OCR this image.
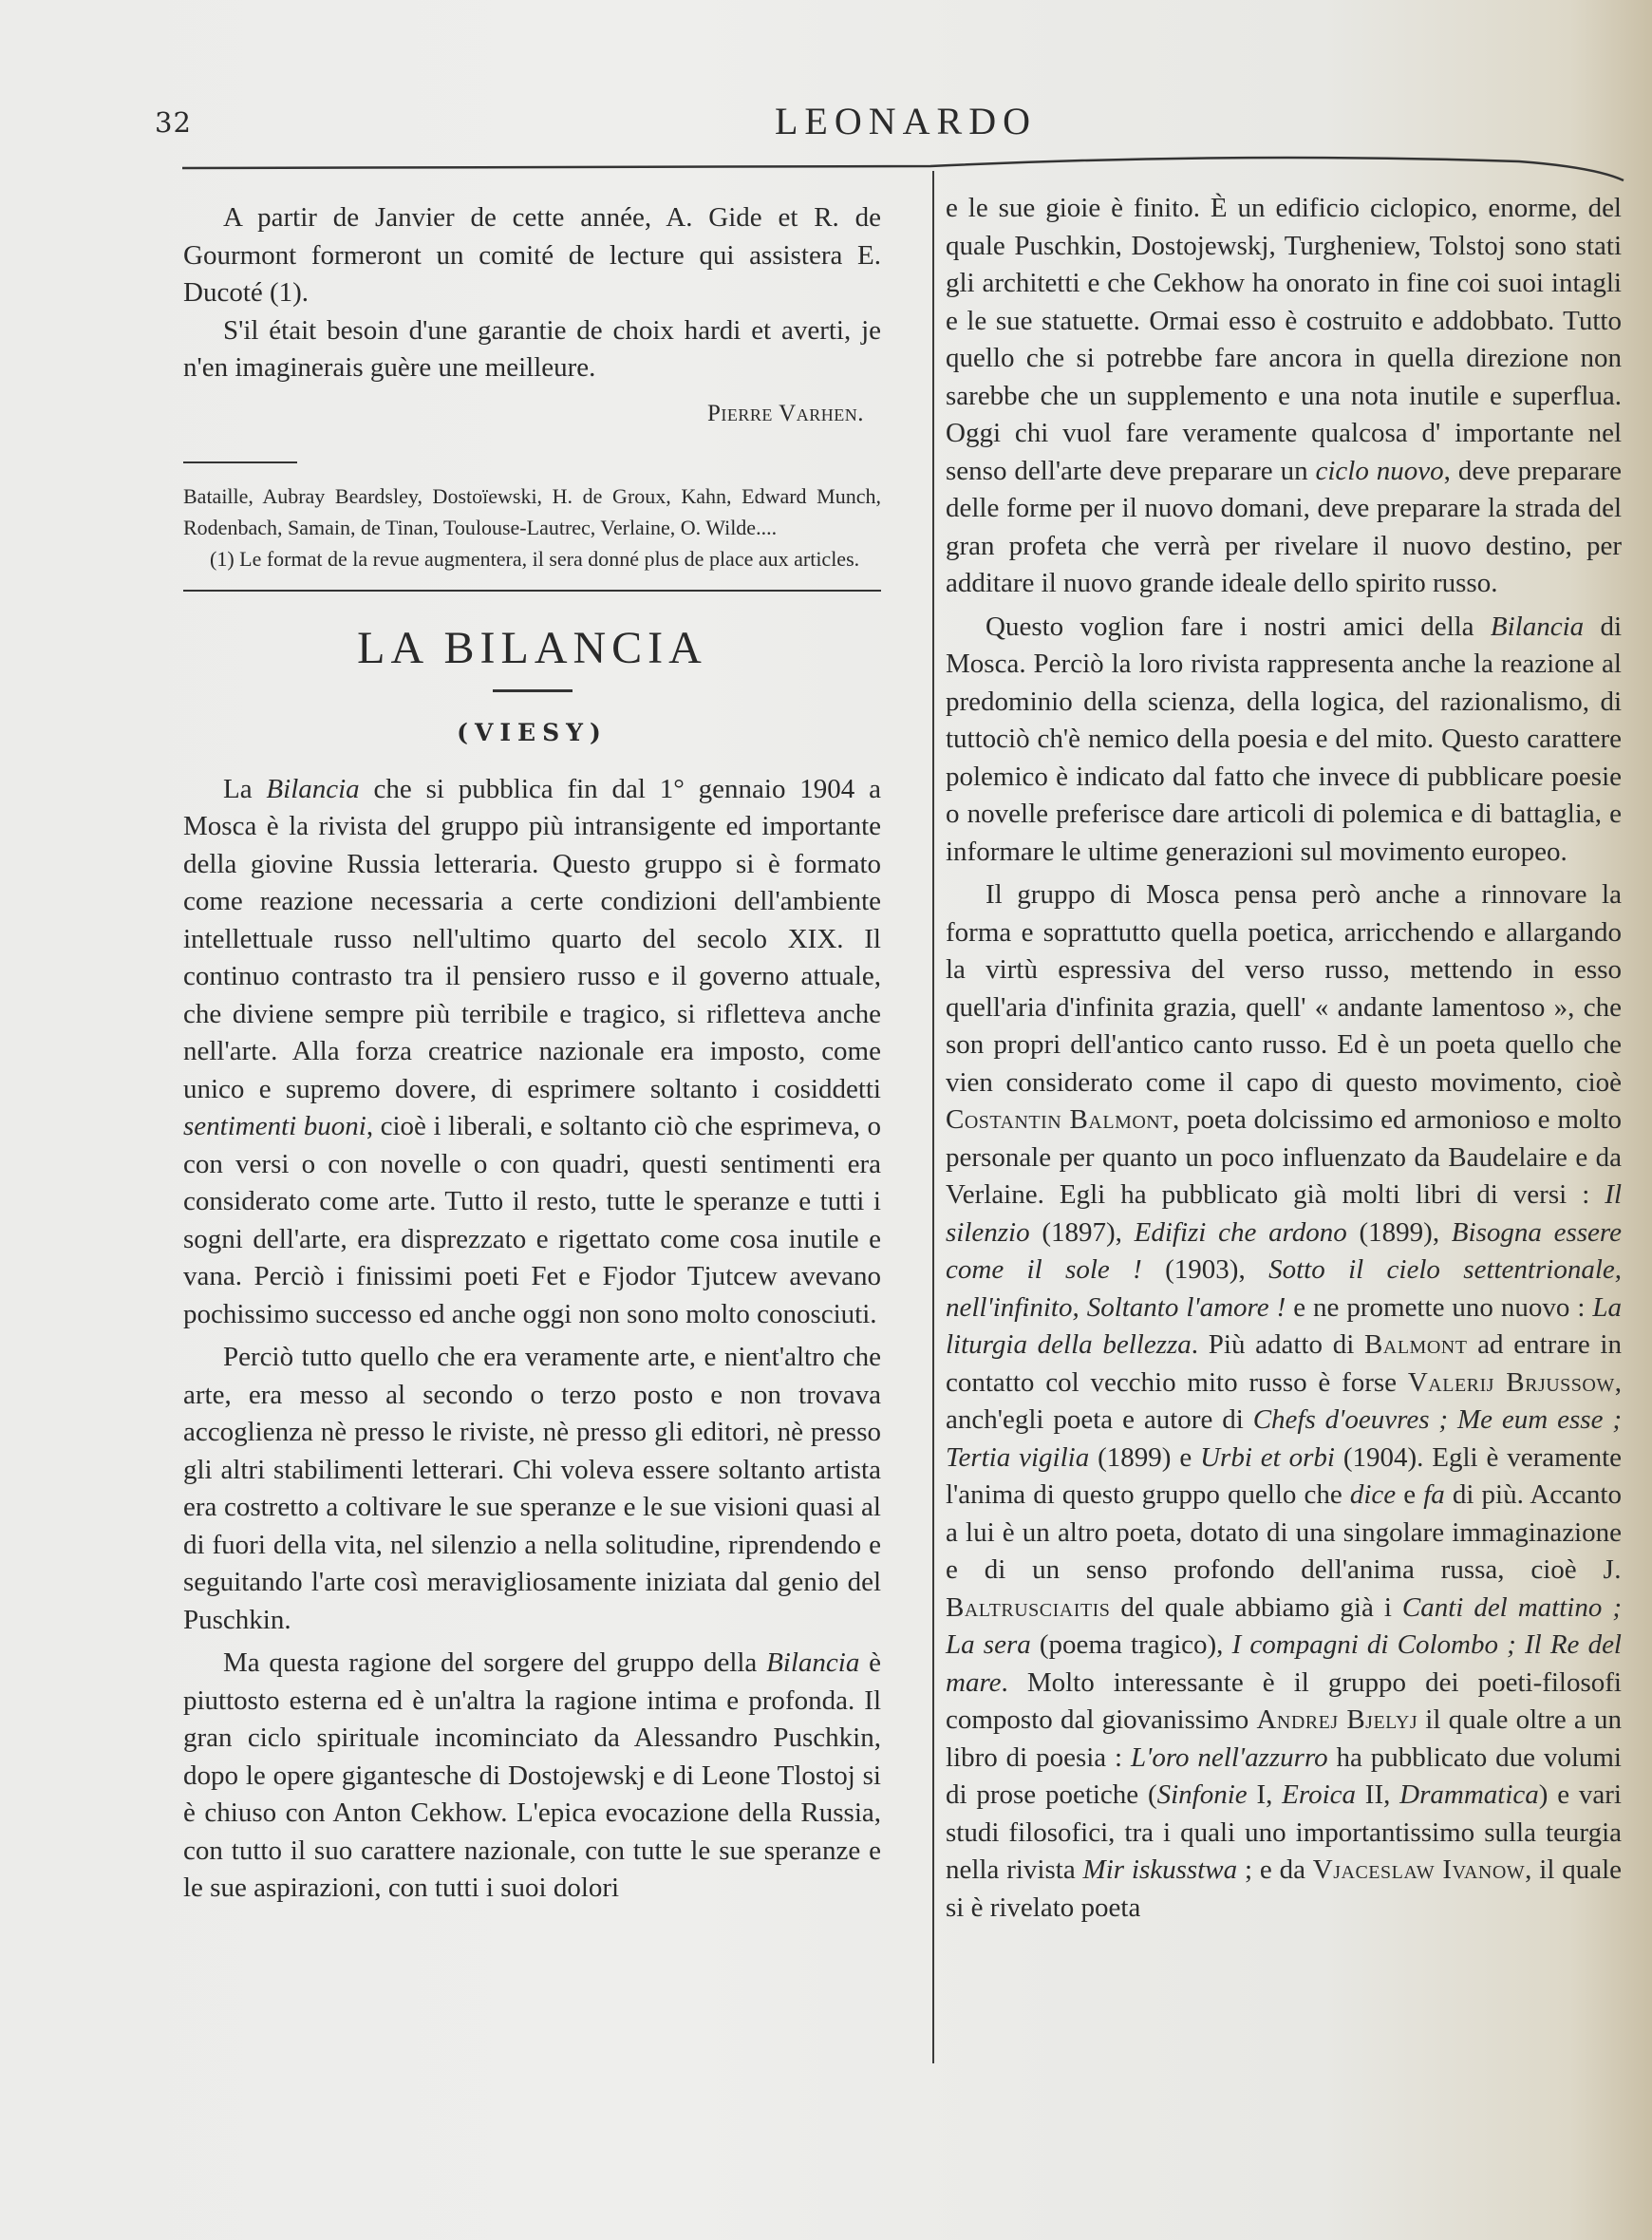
32	LEONARDO

A partir de Janvier de cette année, A. Gide et R. de Gourmont formeront un comité de lecture qui assistera E. Ducoté (1).

S'il était besoin d'une garantie de choix hardi et averti, je n'en imaginerais guère une meilleure.

Pierre Varhen.

Bataille, Aubray Beardsley, Dostoïewski, H. de Groux, Kahn, Edward Munch, Rodenbach, Samain, de Tinan, Toulouse-Lautrec, Verlaine, O. Wilde....

(1) Le format de la revue augmentera, il sera donné plus de place aux articles.

LA BILANCIA
(VIESY)

La Bilancia che si pubblica fin dal 1° gennaio 1904 a Mosca è la rivista del gruppo più intransigente ed importante della giovine Russia letteraria. Questo gruppo si è formato come reazione necessaria a certe condizioni dell'ambiente intellettuale russo nell'ultimo quarto del secolo XIX. Il continuo contrasto tra il pensiero russo e il governo attuale, che diviene sempre più terribile e tragico, si rifletteva anche nell'arte. Alla forza creatrice nazionale era imposto, come unico e supremo dovere, di esprimere soltanto i cosiddetti sentimenti buoni, cioè i liberali, e soltanto ciò che esprimeva, o con versi o con novelle o con quadri, questi sentimenti era considerato come arte. Tutto il resto, tutte le speranze e tutti i sogni dell'arte, era disprezzato e rigettato come cosa inutile e vana. Perciò i finissimi poeti Fet e Fjodor Tjutcew avevano pochissimo successo ed anche oggi non sono molto conosciuti.

Perciò tutto quello che era veramente arte, e nient'altro che arte, era messo al secondo o terzo posto e non trovava accoglienza nè presso le riviste, nè presso gli editori, nè presso gli altri stabilimenti letterari. Chi voleva essere soltanto artista era costretto a coltivare le sue speranze e le sue visioni quasi al di fuori della vita, nel silenzio a nella solitudine, riprendendo e seguitando l'arte così meravigliosamente iniziata dal genio del Puschkin.

Ma questa ragione del sorgere del gruppo della Bilancia è piuttosto esterna ed è un'altra la ragione intima e profonda. Il gran ciclo spirituale incominciato da Alessandro Puschkin, dopo le opere gigantesche di Dostojewskj e di Leone Tlostoj si è chiuso con Anton Cekhow. L'epica evocazione della Russia, con tutto il suo carattere nazionale, con tutte le sue speranze e le sue aspirazioni, con tutti i suoi dolori

e le sue gioie è finito. È un edificio ciclopico, enorme, del quale Puschkin, Dostojewskj, Turgheniew, Tolstoj sono stati gli architetti e che Cekhow ha onorato in fine coi suoi intagli e le sue statuette. Ormai esso è costruito e addobbato. Tutto quello che si potrebbe fare ancora in quella direzione non sarebbe che un supplemento e una nota inutile e superflua. Oggi chi vuol fare veramente qualcosa d' importante nel senso dell'arte deve preparare un ciclo nuovo, deve preparare delle forme per il nuovo domani, deve preparare la strada del gran profeta che verrà per rivelare il nuovo destino, per additare il nuovo grande ideale dello spirito russo.

Questo voglion fare i nostri amici della Bilancia di Mosca. Perciò la loro rivista rappresenta anche la reazione al predominio della scienza, della logica, del razionalismo, di tuttociò ch'è nemico della poesia e del mito. Questo carattere polemico è indicato dal fatto che invece di pubblicare poesie o novelle preferisce dare articoli di polemica e di battaglia, e informare le ultime generazioni sul movimento europeo.

Il gruppo di Mosca pensa però anche a rinnovare la forma e soprattutto quella poetica, arricchendo e allargando la virtù espressiva del verso russo, mettendo in esso quell'aria d'infinita grazia, quell' « andante lamentoso », che son propri dell'antico canto russo. Ed è un poeta quello che vien considerato come il capo di questo movimento, cioè Costantin Balmont, poeta dolcissimo ed armonioso e molto personale per quanto un poco influenzato da Baudelaire e da Verlaine. Egli ha pubblicato già molti libri di versi : Il silenzio (1897), Edifizi che ardono (1899), Bisogna essere come il sole ! (1903), Sotto il cielo settentrionale, nell'infinito, Soltanto l'amore ! e ne promette uno nuovo : La liturgia della bellezza. Più adatto di Balmont ad entrare in contatto col vecchio mito russo è forse Valerij Brjussow, anch'egli poeta e autore di Chefs d'oeuvres ; Me eum esse ; Tertia vigilia (1899) e Urbi et orbi (1904). Egli è veramente l'anima di questo gruppo quello che dice e fa di più. Accanto a lui è un altro poeta, dotato di una singolare immaginazione e di un senso profondo dell'anima russa, cioè J. Baltrusciaitis del quale abbiamo già i Canti del mattino ; La sera (poema tragico), I compagni di Colombo ; Il Re del mare. Molto interessante è il gruppo dei poeti-filosofi composto dal giovanissimo Andrej Bjelyj il quale oltre a un libro di poesia : L'oro nell'azzurro ha pubblicato due volumi di prose poetiche (Sinfonie I, Eroica II, Drammatica) e vari studi filosofici, tra i quali uno importantissimo sulla teurgia nella rivista Mir iskusstwa ; e da Vjaceslaw Ivanow, il quale si è rivelato poeta
